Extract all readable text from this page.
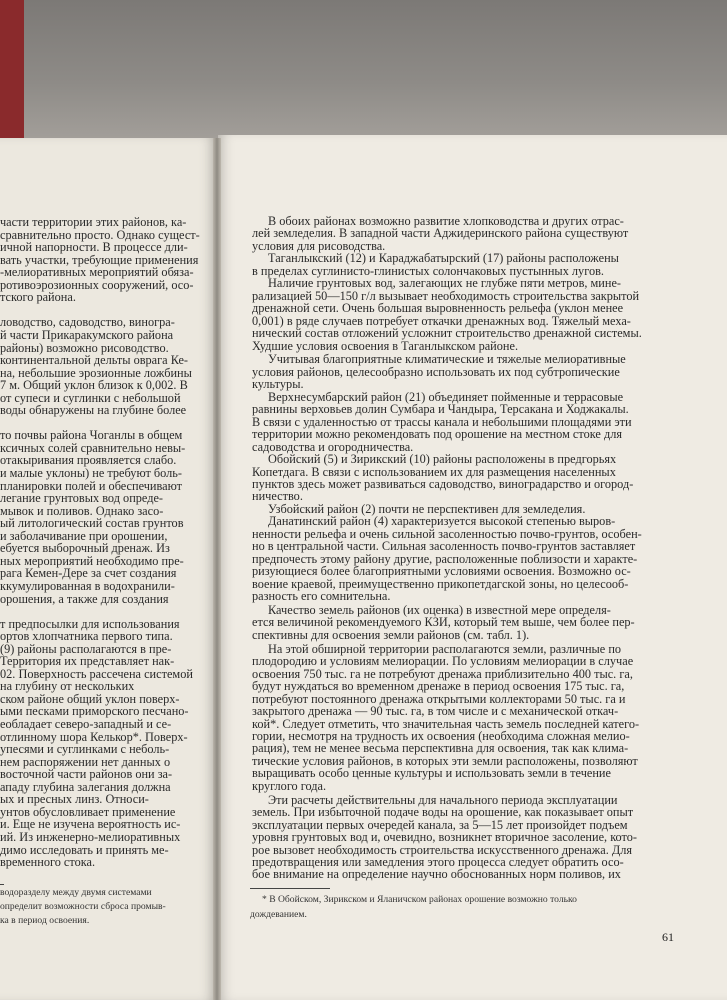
61
части территории этих районов, ка-
сравнительно просто. Однако сущест-
ичной напорности. В процессе дли-
вать участки, требующие применения
-мелиоративных мероприятий обяза-
ротивоэрозионных сооружений, осо-
тского района.
ловодство, садоводство, виногра-
й части Прикаракумского района
районы) возможно рисоводство.
континентальной дельты оврага Ке-
на, небольшие эрозионные ложбины
7 м. Общий уклон близок к 0,002. В
от супеси и суглинки с небольшой
воды обнаружены на глубине более
то почвы района Чоганлы в общем
ксичных солей сравнительно невы-
отакыривания проявляется слабо.
и малые уклоны) не требуют боль-
планировки полей и обеспечивают
легание грунтовых вод опреде-
мывок и поливов. Однако засо-
ый литологический состав грунтов
и заболачивание при орошении,
ебуется выборочный дренаж. Из
ных мероприятий необходимо пре-
рага Кемен-Дере за счет создания
ккумулированная в водохранили-
орошения, а также для создания
т предпосылки для использования
ортов хлопчатника первого типа.
(9) районы располагаются в пре-
Территория их представляет нак-
02. Поверхность рассечена системой
на глубину от нескольких
ском районе общий уклон поверх-
ыми песками приморского песчано-
еобладает северо-западный и се-
отлинному шора Келькор*. Поверх-
упесями и суглинками с неболь-
нем распоряжении нет данных о
восточной части районов они за-
ападу глубина залегания должна
ых и пресных линз. Относи-
унтов обусловливает применение
и. Еще не изучена вероятность ис-
ий. Из инженерно-мелиоративных
димо исследовать и принять ме-
временного стока.
водоразделу между двумя системами
определит возможности сброса промыв-
ка в период освоения.
В обоих районах возможно развитие хлопководства и других отрас-
лей земледелия. В западной части Аджидеринского района существуют
условия для рисоводства.
Таганлыкский (12) и Караджабатырский (17) районы расположены
в пределах суглинисто-глинистых солончаковых пустынных лугов.
Наличие грунтовых вод, залегающих не глубже пяти метров, мине-
рализацией 50—150 г/л вызывает необходимость строительства закрытой
дренажной сети. Очень большая выровненность рельефа (уклон менее
0,001) в ряде случаев потребует откачки дренажных вод. Тяжелый меха-
нический состав отложений усложнит строительство дренажной системы.
Худшие условия освоения в Таганлыкском районе.
Учитывая благоприятные климатические и тяжелые мелиоративные
условия районов, целесообразно использовать их под субтропические
культуры.
Верхнесумбарский район (21) объединяет пойменные и террасовые
равнины верховьев долин Сумбара и Чандыра, Терсакана и Ходжакалы.
В связи с удаленностью от трассы канала и небольшими площадями эти
территории можно рекомендовать под орошение на местном стоке для
садоводства и огородничества.
Обойский (5) и Зирикский (10) районы расположены в предгорьях
Копетдага. В связи с использованием их для размещения населенных
пунктов здесь может развиваться садоводство, виноградарство и огород-
ничество.
Узбойский район (2) почти не перспективен для земледелия.
Данатинский район (4) характеризуется высокой степенью выров-
ненности рельефа и очень сильной засоленностью почво-грунтов, особен-
но в центральной части. Сильная засоленность почво-грунтов заставляет
предпочесть этому району другие, расположенные поблизости и характе-
ризующиеся более благоприятными условиями освоения. Возможно ос-
воение краевой, преимущественно прикопетдагской зоны, но целесооб-
разность его сомнительна.
Качество земель районов (их оценка) в известной мере определя-
ется величиной рекомендуемого КЗИ, который тем выше, чем более пер-
спективны для освоения земли районов (см. табл. 1).
На этой обширной территории располагаются земли, различные по
плодородию и условиям мелиорации. По условиям мелиорации в случае
освоения 750 тыс. га не потребуют дренажа приблизительно 400 тыс. га,
будут нуждаться во временном дренаже в период освоения 175 тыс. га,
потребуют постоянного дренажа открытыми коллекторами 50 тыс. га и
закрытого дренажа — 90 тыс. га, в том числе и с механической откач-
кой*. Следует отметить, что значительная часть земель последней катего-
гории, несмотря на трудность их освоения (необходима сложная мелио-
рация), тем не менее весьма перспективна для освоения, так как клима-
тические условия районов, в которых эти земли расположены, позволяют
выращивать особо ценные культуры и использовать земли в течение
круглого года.
Эти расчеты действительны для начального периода эксплуатации
земель. При избыточной подаче воды на орошение, как показывает опыт
эксплуатации первых очередей канала, за 5—15 лет произойдет подъем
уровня грунтовых вод и, очевидно, возникнет вторичное засоление, кото-
рое вызовет необходимость строительства искусственного дренажа. Для
предотвращения или замедления этого процесса следует обратить осо-
бое внимание на определение научно обоснованных норм поливов, их
* В Обойском, Зирикском и Яланичском районах орошение возможно только
дождеванием.
